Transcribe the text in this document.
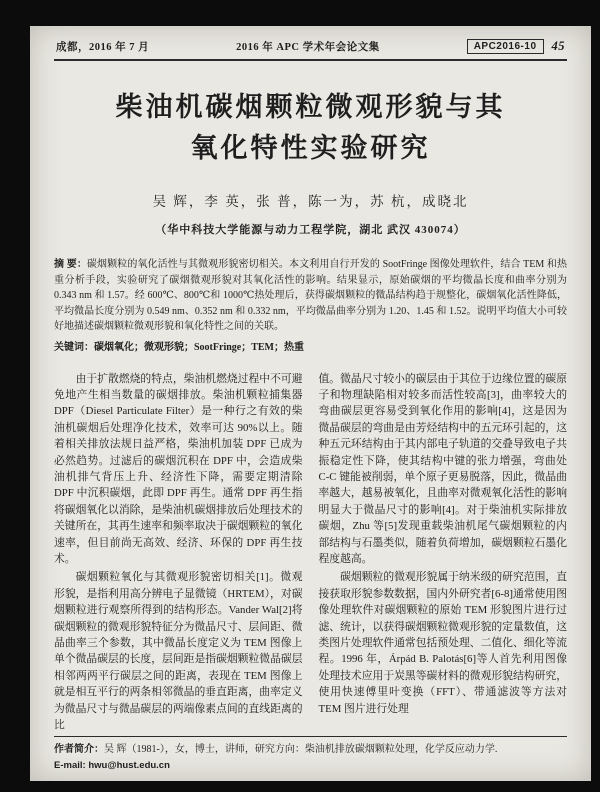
成都，2016 年 7 月	2016 年 APC 学术年会论文集	APC2016-10	45
柴油机碳烟颗粒微观形貌与其
氧化特性实验研究
吴 辉，李 英，张 普，陈一为，苏 杭，成晓北
（华中科技大学能源与动力工程学院，湖北 武汉 430074）
摘 要：碳烟颗粒的氧化活性与其微观形貌密切相关。本文利用自行开发的 SootFringe 图像处理软件，结合 TEM 和热重分析手段，实验研究了碳烟微观形貌对其氧化活性的影响。结果显示，原始碳烟的平均微晶长度和曲率分别为 0.343 nm 和 1.57。经 600℃、800℃和 1000℃热处理后，获得碳烟颗粒的微晶结构趋于规整化，碳烟氧化活性降低，平均微晶长度分别为 0.549 nm、0.352 nm 和 0.332 nm，平均微晶曲率分别为 1.20、1.45 和 1.52。说明平均值大小可较好地描述碳烟颗粒微观形貌和氧化特性之间的关联。
关键词：碳烟氧化；微观形貌；SootFringe；TEM；热重

由于扩散燃烧的特点，柴油机燃烧过程中不可避免地产生相当数量的碳烟排放。柴油机颗粒捕集器 DPF（Diesel Particulate Filter）是一种行之有效的柴油机碳烟后处理净化技术，效率可达 90%以上。随着相关排放法规日益严格，柴油机加装 DPF 已成为必然趋势。过滤后的碳烟沉积在 DPF 中，会造成柴油机排气背压上升、经济性下降，需要定期清除 DPF 中沉积碳烟，此即 DPF 再生。通常 DPF 再生指将碳烟氧化以消除，是柴油机碳烟排放后处理技术的关键所在，其再生速率和频率取决于碳烟颗粒的氧化速率，但目前尚无高效、经济、环保的 DPF 再生技术。

碳烟颗粒氧化与其微观形貌密切相关[1]。微观形貌，是指利用高分辨电子显微镜（HRTEM），对碳烟颗粒进行观察所得到的结构形态。Vander Wal[2]将碳烟颗粒的微观形貌特征分为微晶尺寸、层间距、微晶曲率三个参数，其中微晶长度定义为 TEM 图像上单个微晶碳层的长度，层间距是指碳烟颗粒微晶碳层相邻两两平行碳层之间的距离，表现在 TEM 图像上就是相互平行的两条相邻微晶的垂直距离，曲率定义为微晶尺寸与微晶碳层的两端像素点间的直线距离的比

值。微晶尺寸较小的碳层由于其位于边缘位置的碳原子和物理缺陷相对较多而活性较高[3]，曲率较大的弯曲碳层更容易受到氧化作用的影响[4]，这是因为微晶碳层的弯曲是由芳烃结构中的五元环引起的，这种五元环结构由于其内部电子轨道的交叠导致电子共振稳定性下降，使其结构中键的张力增强，弯曲处 C-C 键能被削弱，单个原子更易脱落，因此，微晶曲率越大，越易被氧化，且曲率对微观氧化活性的影响明显大于微晶尺寸的影响[4]。对于柴油机实际排放碳烟，Zhu 等[5]发现重载柴油机尾气碳烟颗粒的内部结构与石墨类似，随着负荷增加，碳烟颗粒石墨化程度越高。

碳烟颗粒的微观形貌属于纳米级的研究范围，直接获取形貌参数数据，国内外研究者[6-8]通常使用图像处理软件对碳烟颗粒的原始 TEM 形貌图片进行过滤、统计，以获得碳烟颗粒微观形貌的定量数值，这类图片处理软件通常包括预处理、二值化、细化等流程。1996 年，Árpád B. Palotás[6]等人首先利用图像处理技术应用于炭黑等碳材料的微观形貌结构研究，使用快速傅里叶变换（FFT）、带通滤波等方法对 TEM 图片进行处理

作者简介：吴 辉（1981-），女，博士，讲师，研究方向：柴油机排放碳烟颗粒处理，化学反应动力学.
E-mail: hwu@hust.edu.cn
